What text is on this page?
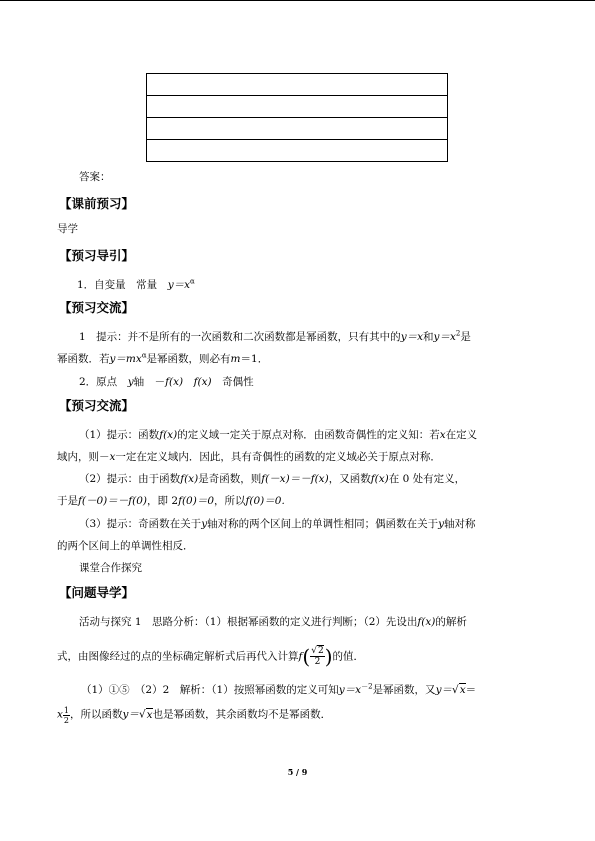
答案：
【课前预习】
导学
【预习导引】
1．自变量　常量　$y=x^\alpha$
【预习交流】
1　提示：并不是所有的一次函数和二次函数都是幂函数，只有其中的y＝x和$y=x^2$是
幂函数．若$y=mx^\alpha$是幂函数，则必有m＝1．
2．原点　y轴　－f(x)　 f(x)　 奇偶性
【预习交流】
（1）提示：函数f(x)的定义域一定关于原点对称．由函数奇偶性的定义知：若x在定义
域内，则－x一定在定义域内．因此，具有奇偶性的函数的定义域必关于原点对称．
（2）提示：由于函数f(x)是奇函数，则f(－x)＝－f(x)，又函数f(x)在 0 处有定义，
于是f(－0)＝－f(0)，即 2f(0)＝0，所以f(0)＝0.
（3）提示：奇函数在关于y轴对称的两个区间上的单调性相同；偶函数在关于y轴对称
的两个区间上的单调性相反．
课堂合作探究
【问题导学】
活动与探究 1　思路分析：（1）根据幂函数的定义进行判断；（2）先设出f(x)的解析
式，由图像经过的点的坐标确定解析式后再代入计算$f( \frac{√2}{2}$ )的值．
（1）①⑤　（2）2　解析：（1）按照幂函数的定义可知$y=x^{-2}$是幂函数，又y＝√x＝
x $\frac{1}{2}$ ，所以函数y＝√x也是幂函数，其余函数均不是幂函数．
5 / 9
